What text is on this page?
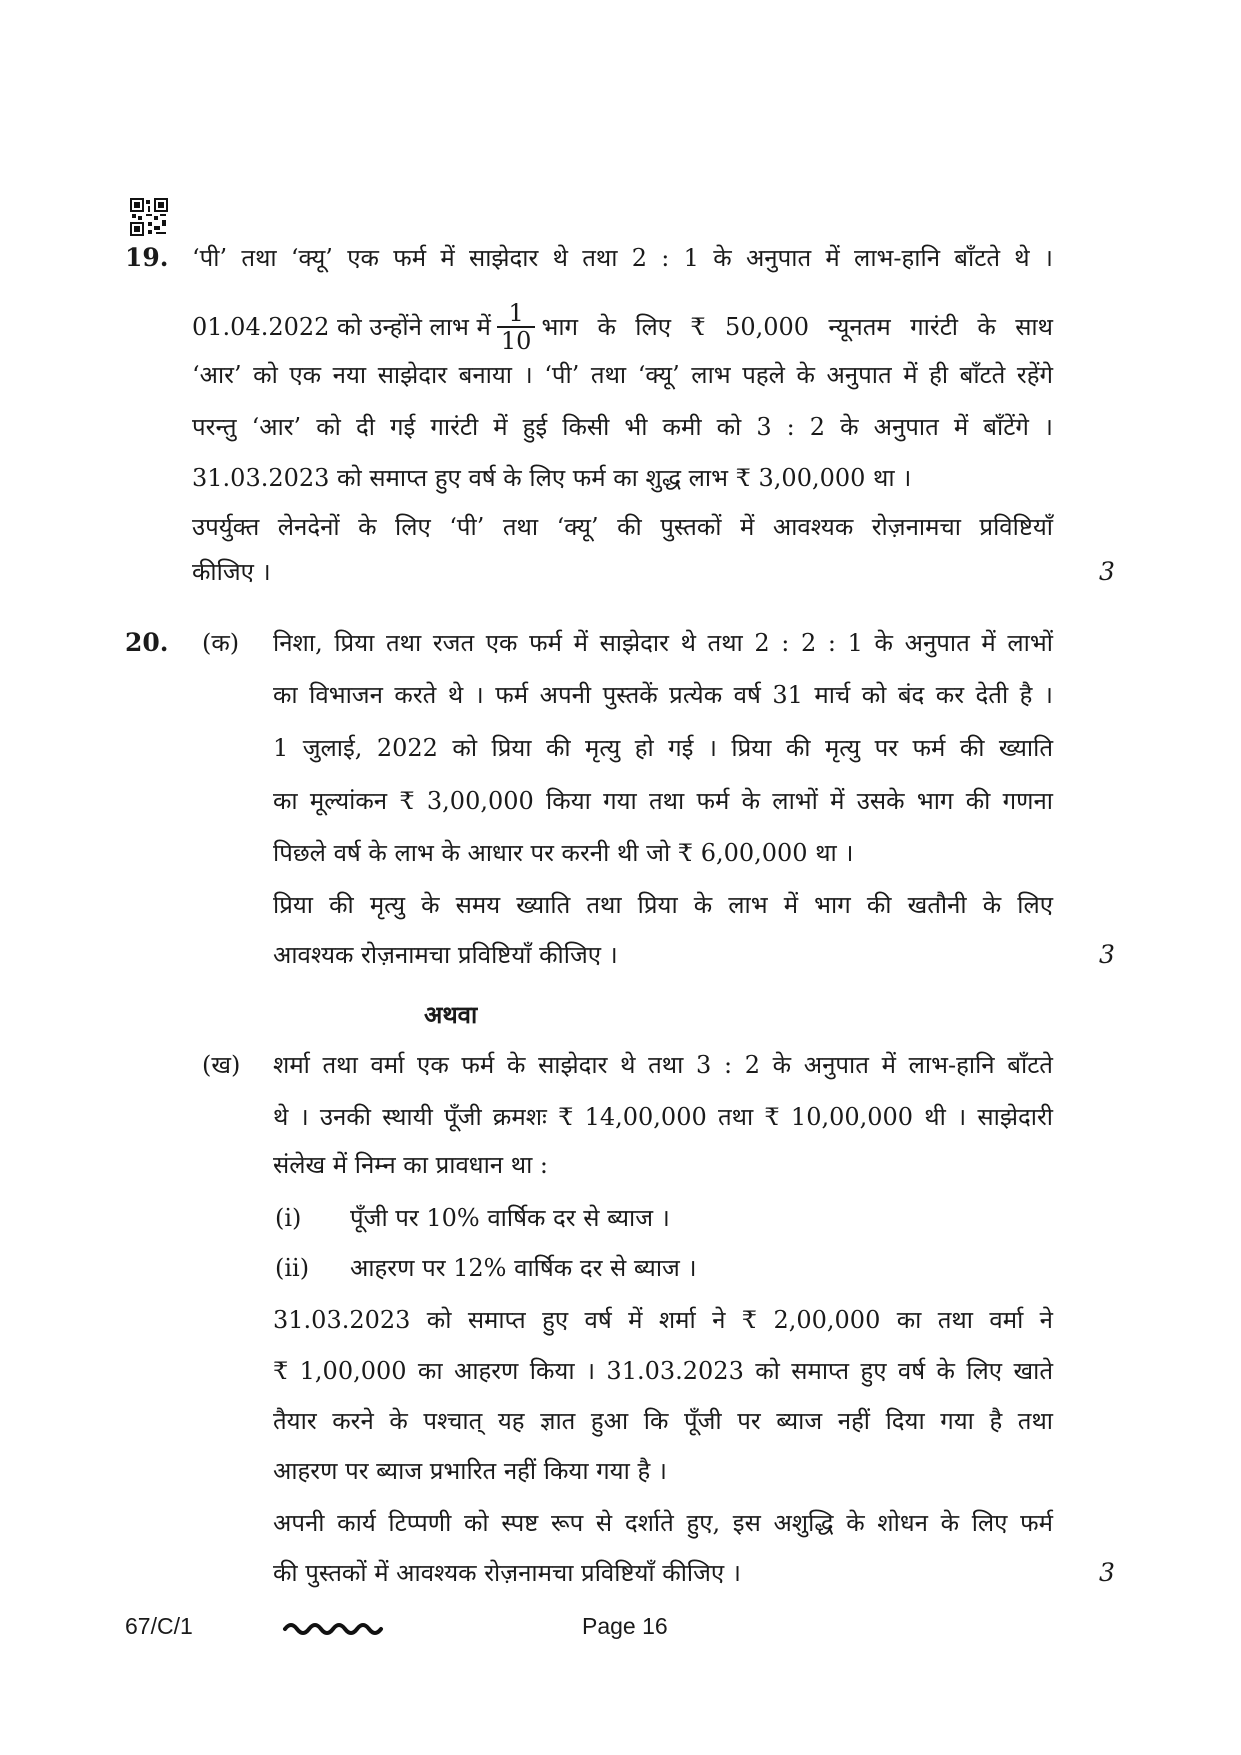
19. ‘पी’ तथा ‘क्यू’ एक फर्म में साझेदार थे तथा 2 : 1 के अनुपात में लाभ-हानि बाँटते थे ।
01.04.2022 को उन्होंने लाभ में $\frac{1}{10}$ भाग के लिए ₹ 50,000 न्यूनतम गारंटी के साथ
‘आर’ को एक नया साझेदार बनाया । ‘पी’ तथा ‘क्यू’ लाभ पहले के अनुपात में ही बाँटते रहेंगे
परन्तु ‘आर’ को दी गई गारंटी में हुई किसी भी कमी को 3 : 2 के अनुपात में बाँटेंगे ।
31.03.2023 को समाप्त हुए वर्ष के लिए फर्म का शुद्ध लाभ ₹ 3,00,000 था ।
उपर्युक्त लेनदेनों के लिए ‘पी’ तथा ‘क्यू’ की पुस्तकों में आवश्यक रोज़नामचा प्रविष्टियाँ
कीजिए ।	3
20. (क) निशा, प्रिया तथा रजत एक फर्म में साझेदार थे तथा 2 : 2 : 1 के अनुपात में लाभों
का विभाजन करते थे । फर्म अपनी पुस्तकें प्रत्येक वर्ष 31 मार्च को बंद कर देती है ।
1 जुलाई, 2022 को प्रिया की मृत्यु हो गई । प्रिया की मृत्यु पर फर्म की ख्याति
का मूल्यांकन ₹ 3,00,000 किया गया तथा फर्म के लाभों में उसके भाग की गणना
पिछले वर्ष के लाभ के आधार पर करनी थी जो ₹ 6,00,000 था ।
प्रिया की मृत्यु के समय ख्याति तथा प्रिया के लाभ में भाग की खतौनी के लिए
आवश्यक रोज़नामचा प्रविष्टियाँ कीजिए ।	3
अथवा
(ख) शर्मा तथा वर्मा एक फर्म के साझेदार थे तथा 3 : 2 के अनुपात में लाभ-हानि बाँटते
थे । उनकी स्थायी पूँजी क्रमशः ₹ 14,00,000 तथा ₹ 10,00,000 थी । साझेदारी
संलेख में निम्न का प्रावधान था :
(i) पूँजी पर 10% वार्षिक दर से ब्याज ।
(ii) आहरण पर 12% वार्षिक दर से ब्याज ।
31.03.2023 को समाप्त हुए वर्ष में शर्मा ने ₹ 2,00,000 का तथा वर्मा ने
₹ 1,00,000 का आहरण किया । 31.03.2023 को समाप्त हुए वर्ष के लिए खाते
तैयार करने के पश्चात् यह ज्ञात हुआ कि पूँजी पर ब्याज नहीं दिया गया है तथा
आहरण पर ब्याज प्रभारित नहीं किया गया है ।
अपनी कार्य टिप्पणी को स्पष्ट रूप से दर्शाते हुए, इस अशुद्धि के शोधन के लिए फर्म
की पुस्तकों में आवश्यक रोज़नामचा प्रविष्टियाँ कीजिए ।	3
67/C/1	Page 16
